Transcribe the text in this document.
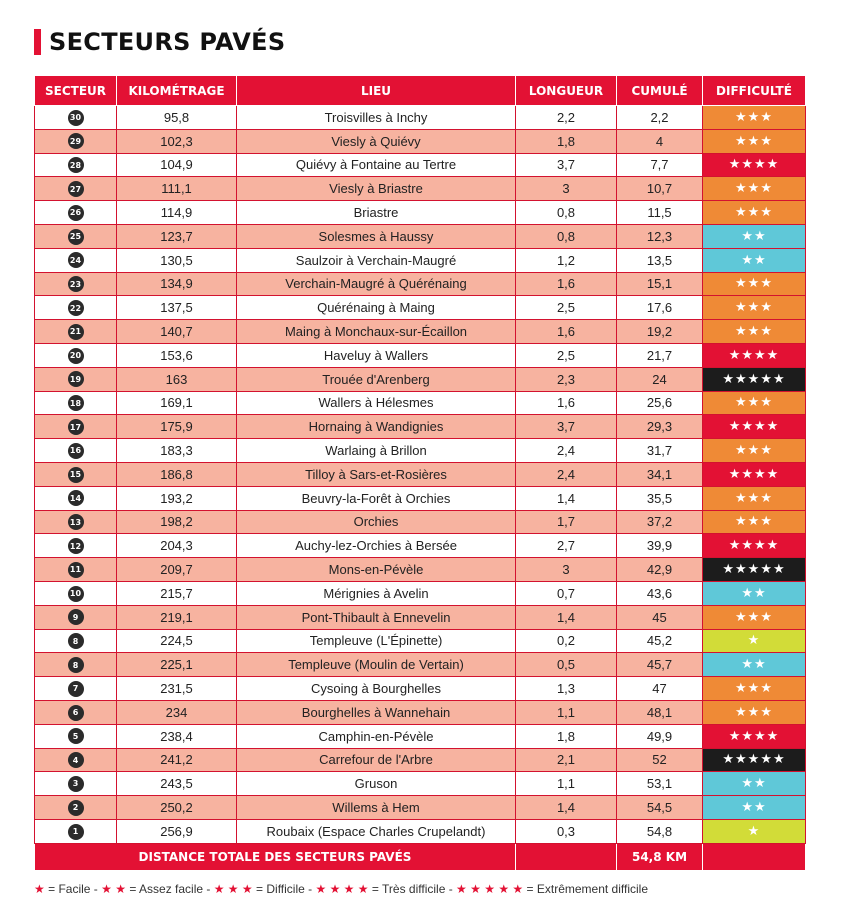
SECTEURS PAVÉS
SECTEUR	KILOMÉTRAGE	LIEU	LONGUEUR	CUMULÉ	DIFFICULTÉ
30	95,8	Troisvilles à Inchy	2,2	2,2	★★★
29	102,3	Viesly à Quiévy	1,8	4	★★★
28	104,9	Quiévy à Fontaine au Tertre	3,7	7,7	★★★★
27	111,1	Viesly à Briastre	3	10,7	★★★
26	114,9	Briastre	0,8	11,5	★★★
25	123,7	Solesmes à Haussy	0,8	12,3	★★
24	130,5	Saulzoir à Verchain-Maugré	1,2	13,5	★★
23	134,9	Verchain-Maugré à Quérénaing	1,6	15,1	★★★
22	137,5	Quérénaing à Maing	2,5	17,6	★★★
21	140,7	Maing à Monchaux-sur-Écaillon	1,6	19,2	★★★
20	153,6	Haveluy à Wallers	2,5	21,7	★★★★
19	163	Trouée d'Arenberg	2,3	24	★★★★★
18	169,1	Wallers à Hélesmes	1,6	25,6	★★★
17	175,9	Hornaing à Wandignies	3,7	29,3	★★★★
16	183,3	Warlaing à Brillon	2,4	31,7	★★★
15	186,8	Tilloy à Sars-et-Rosières	2,4	34,1	★★★★
14	193,2	Beuvry-la-Forêt à Orchies	1,4	35,5	★★★
13	198,2	Orchies	1,7	37,2	★★★
12	204,3	Auchy-lez-Orchies à Bersée	2,7	39,9	★★★★
11	209,7	Mons-en-Pévèle	3	42,9	★★★★★
10	215,7	Mérignies à Avelin	0,7	43,6	★★
9	219,1	Pont-Thibault à Ennevelin	1,4	45	★★★
8	224,5	Templeuve (L'Épinette)	0,2	45,2	★
8	225,1	Templeuve (Moulin de Vertain)	0,5	45,7	★★
7	231,5	Cysoing à Bourghelles	1,3	47	★★★
6	234	Bourghelles à Wannehain	1,1	48,1	★★★
5	238,4	Camphin-en-Pévèle	1,8	49,9	★★★★
4	241,2	Carrefour de l'Arbre	2,1	52	★★★★★
3	243,5	Gruson	1,1	53,1	★★
2	250,2	Willems à Hem	1,4	54,5	★★
1	256,9	Roubaix (Espace Charles Crupelandt)	0,3	54,8	★
DISTANCE TOTALE DES SECTEURS PAVÉS				54,8 KM	
★ = Facile - ★ ★ = Assez facile - ★ ★ ★ = Difficile - ★ ★ ★ ★ = Très difficile - ★ ★ ★ ★ ★ = Extrêmement difficile
